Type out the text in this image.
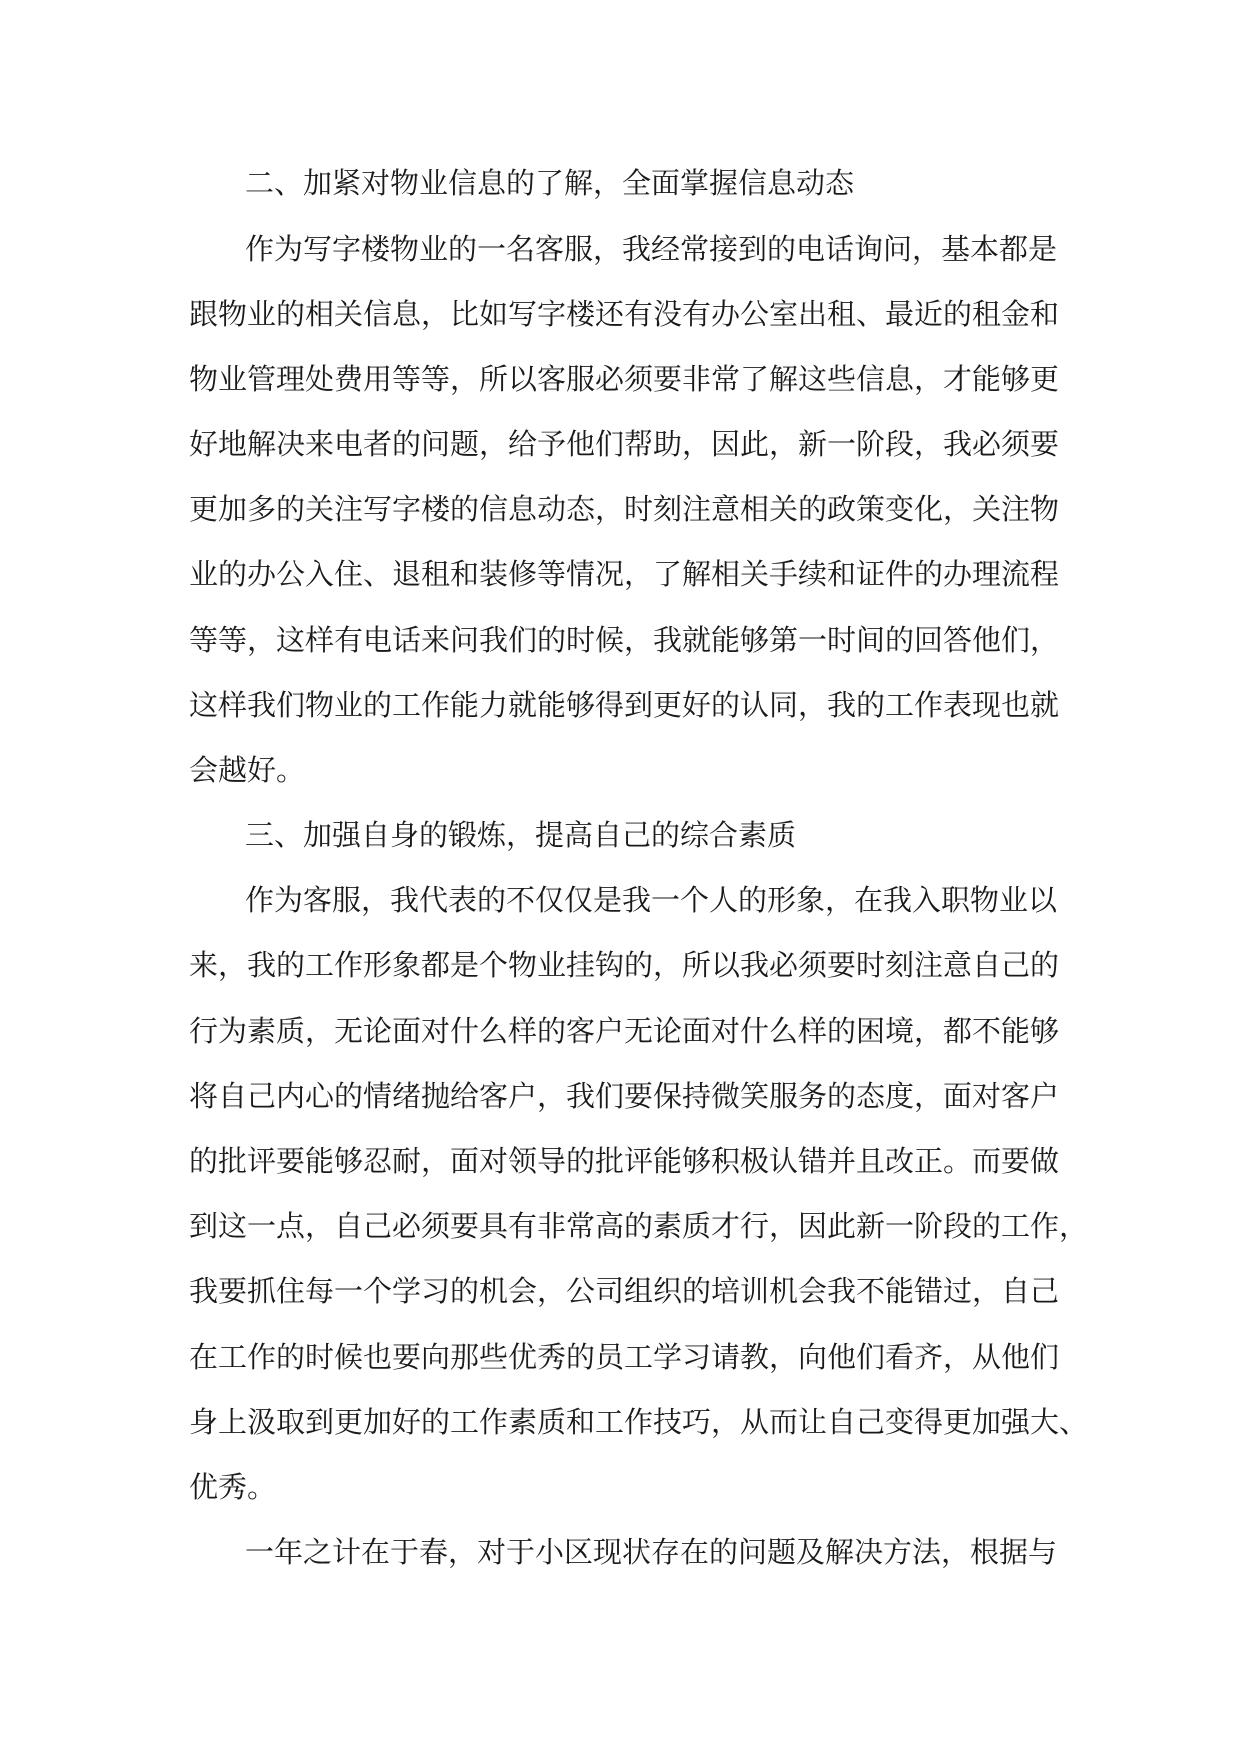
二、加紧对物业信息的了解，全面掌握信息动态

作为写字楼物业的一名客服，我经常接到的电话询问，基本都是

跟物业的相关信息，比如写字楼还有没有办公室出租、最近的租金和

物业管理处费用等等，所以客服必须要非常了解这些信息，才能够更

好地解决来电者的问题，给予他们帮助，因此，新一阶段，我必须要

更加多的关注写字楼的信息动态，时刻注意相关的政策变化，关注物

业的办公入住、退租和装修等情况，了解相关手续和证件的办理流程

等等，这样有电话来问我们的时候，我就能够第一时间的回答他们，

这样我们物业的工作能力就能够得到更好的认同，我的工作表现也就

会越好。

三、加强自身的锻炼，提高自己的综合素质

作为客服，我代表的不仅仅是我一个人的形象，在我入职物业以

来，我的工作形象都是个物业挂钩的，所以我必须要时刻注意自己的

行为素质，无论面对什么样的客户无论面对什么样的困境，都不能够

将自己内心的情绪抛给客户，我们要保持微笑服务的态度，面对客户

的批评要能够忍耐，面对领导的批评能够积极认错并且改正。而要做

到这一点，自己必须要具有非常高的素质才行，因此新一阶段的工作，

我要抓住每一个学习的机会，公司组织的培训机会我不能错过，自己

在工作的时候也要向那些优秀的员工学习请教，向他们看齐，从他们

身上汲取到更加好的工作素质和工作技巧，从而让自己变得更加强大、

优秀。

一年之计在于春，对于小区现状存在的问题及解决方法，根据与
